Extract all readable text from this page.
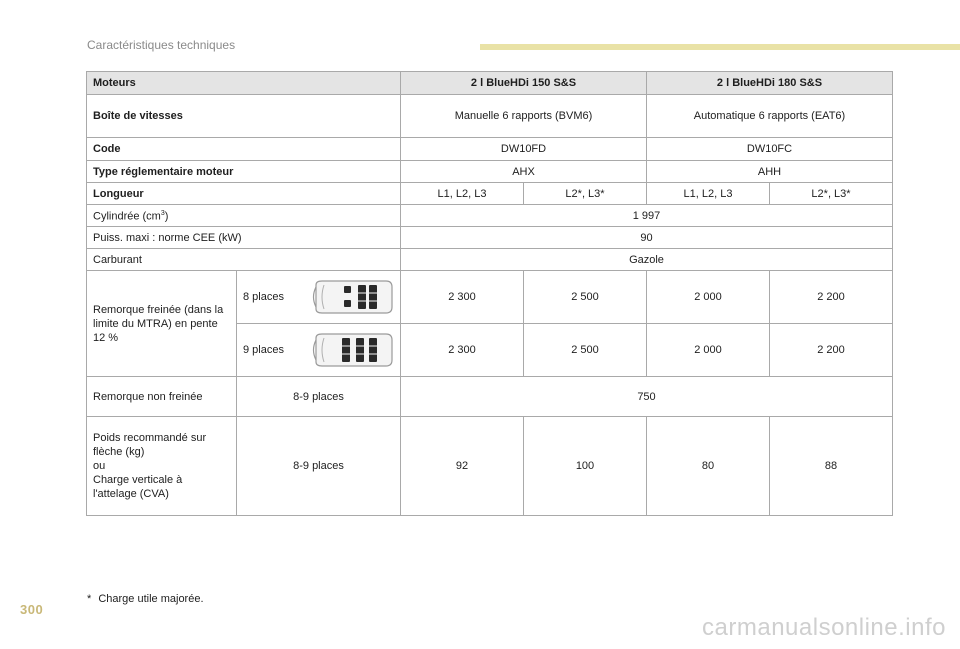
Caractéristiques techniques
Moteurs		2 l BlueHDi 150 S&S		2 l BlueHDi 180 S&S	
Boîte de vitesses		Manuelle 6 rapports (BVM6)		Automatique 6 rapports (EAT6)	
Code		DW10FD		DW10FC	
Type réglementaire moteur		AHX		AHH	
Longueur		L1, L2, L3	L2*, L3*	L1, L2, L3	L2*, L3*
Cylindrée $(cm^3)$		1 997			
Puiss. maxi : norme CEE (kW)		90			
Carburant		Gazole			
Remorque freinée (dans la limite du MTRA) en pente 12 %	8 places	2 300	2 500	2 000	2 200

	9 places	2 300	2 500	2 000	2 200
Remorque non freinée	8-9 places	750			
Poids recommandé sur
flèche (kg)
ou
Charge verticale à
l'attelage (CVA)	8-9 places	92	100	80	88
* Charge utile majorée.
300
carmanualsonline.info
